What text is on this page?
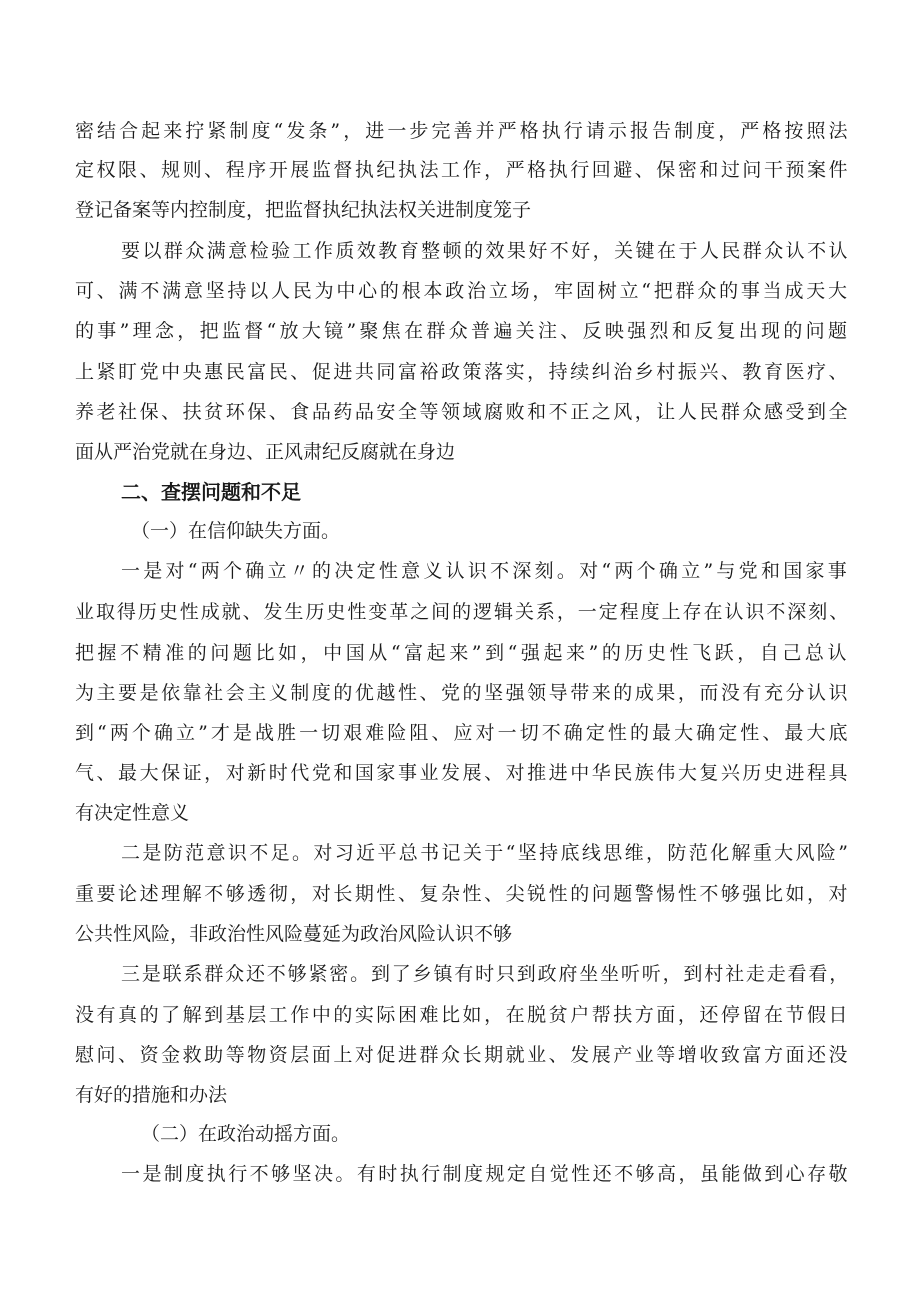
密结合起来拧紧制度“发条”，进一步完善并严格执行请示报告制度，严格按照法
定权限、规则、程序开展监督执纪执法工作，严格执行回避、保密和过问干预案件
登记备案等内控制度，把监督执纪执法权关进制度笼子
要以群众满意检验工作质效教育整顿的效果好不好，关键在于人民群众认不认
可、满不满意坚持以人民为中心的根本政治立场，牢固树立“把群众的事当成天大
的事”理念，把监督“放大镜”聚焦在群众普遍关注、反映强烈和反复出现的问题
上紧盯党中央惠民富民、促进共同富裕政策落实，持续纠治乡村振兴、教育医疗、
养老社保、扶贫环保、食品药品安全等领域腐败和不正之风，让人民群众感受到全
面从严治党就在身边、正风肃纪反腐就在身边
二、查摆问题和不足
（一）在信仰缺失方面。
一是对“两个确立〃的决定性意义认识不深刻。对“两个确立”与党和国家事
业取得历史性成就、发生历史性变革之间的逻辑关系，一定程度上存在认识不深刻、
把握不精准的问题比如，中国从“富起来”到“强起来”的历史性飞跃，自己总认
为主要是依靠社会主义制度的优越性、党的坚强领导带来的成果，而没有充分认识
到“两个确立”才是战胜一切艰难险阻、应对一切不确定性的最大确定性、最大底
气、最大保证，对新时代党和国家事业发展、对推进中华民族伟大复兴历史进程具
有决定性意义
二是防范意识不足。对习近平总书记关于“坚持底线思维，防范化解重大风险”
重要论述理解不够透彻，对长期性、复杂性、尖锐性的问题警惕性不够强比如，对
公共性风险，非政治性风险蔓延为政治风险认识不够
三是联系群众还不够紧密。到了乡镇有时只到政府坐坐听听，到村社走走看看，
没有真的了解到基层工作中的实际困难比如，在脱贫户帮扶方面，还停留在节假日
慰问、资金救助等物资层面上对促进群众长期就业、发展产业等增收致富方面还没
有好的措施和办法
（二）在政治动摇方面。
一是制度执行不够坚决。有时执行制度规定自觉性还不够高，虽能做到心存敬
